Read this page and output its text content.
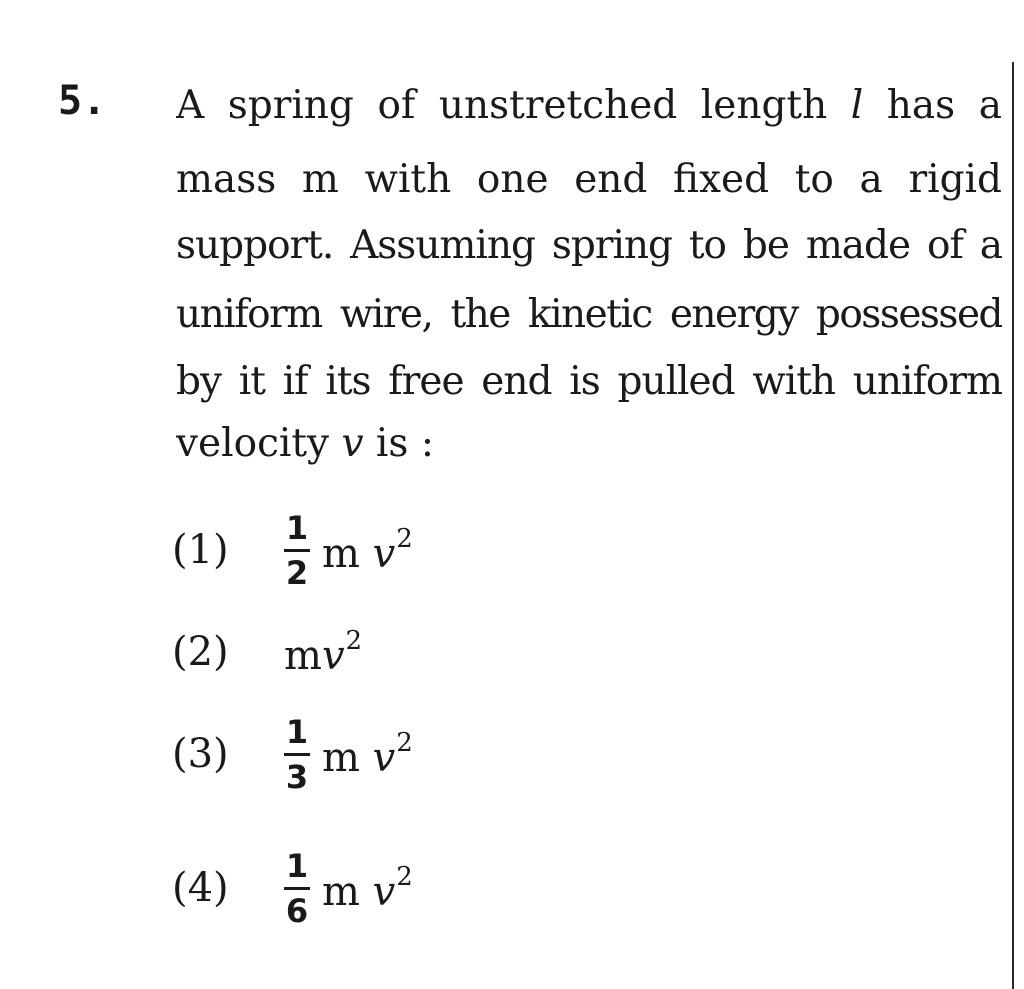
5. A spring of unstretched length l has a
mass m with one end fixed to a rigid
support. Assuming spring to be made of a
uniform wire, the kinetic energy possessed
by it if its free end is pulled with uniform
velocity v is :
(1)	$\frac{1}{2}$ m $v^2$
(2)	$mv^2$
(3)	$\frac{1}{3}$ m $v^2$
(4)	$\frac{1}{6}$ m $v^2$
